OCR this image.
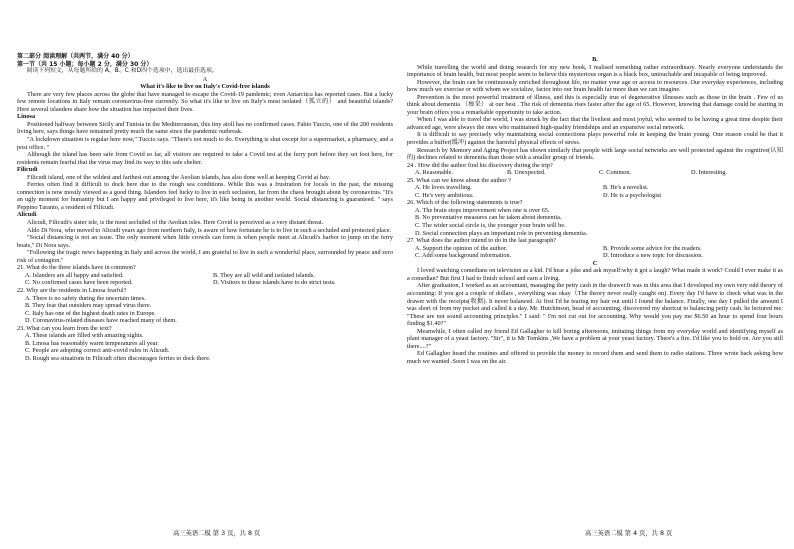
第二部分 阅读理解（共两节，满分 40 分）

第一节（共 15 小题；每小题 2 分，满分 30 分）

阅读下列短文，从每题所给的 A、B、C 和D四个选项中，选出最佳选项。

A

What it's like to live on Italy's Covid-free islands

There are very few places across the globe that have managed to escape the Covid-19 pandemic; even Antarctica has reported cases. But a lucky few remote locations in Italy remain coronavirus-free currently. So what it's like to live on Italy's most isolated（孤立的） and beautiful islands? Here several islanders share how the situation has impacted their lives.

Linosa

Positioned halfway between Sicily and Tunisia in the Mediterranean, this tiny atoll has no confirmed cases. Fabio Tuccio, one of the 200 residents living here, says things have remained pretty much the same since the pandemic outbreak.

"A lockdown situation is regular here now," Tuccio says. "There's not much to do. Everything is shut except for a supermarket, a pharmacy, and a post office. "

Although the island has been safe from Covid so far, all visitors are required to take a Covid test at the ferry port before they set foot here, for residents remain fearful that the virus may find its way to this safe shelter.

Filicudi

Filicudi island, one of the wildest and farthest out among the Aeolian islands, has also done well at keeping Covid at bay.

Ferries often find it difficult to dock here due to the rough sea conditions. While this was a frustration for locals in the past, the missing connection is now mostly viewed as a good thing. Islanders feel lucky to live in such seclusion, far from the chaos brought about by coronavirus. "It's an ugly moment for humanity but I am happy and privileged to live here, it's like being in another world. Social distancing is guaranteed. " says Peppino Taranto, a resident of Filicudi.

Alicudi

Alicudi, Filicudi's sister isle, is the most secluded of the Aeolian isles. Here Covid is perceived as a very distant threat.

Aldo Di Nora, who moved to Alicudi years ago from northern Italy, is aware of how fortunate he is to live in such a secluded and protected place.

"Social distancing is not an issue. The only moment when little crowds can form is when people meet at Alicudi's harbor to jump on the ferry boats," Di Nora says.

"Following the tragic news happening in Italy and across the world, I am grateful to live in such a wonderful place, surrounded by peace and zero risk of contagion."

21. What do the three islands have in common?

A. Islanders are all happy and satisfied.	B. They are all wild and isolated islands.
C. No confirmed cases have been reported.	D. Visitors to these islands have to do strict tests.

22. Why are the residents in Linosa fearful?

A. There is no safety during the uncertain times.

B. They fear that outsiders may spread virus there.

C. Italy has one of the highest death rates in Europe.

D. Coronavirus-related diseases have reached many of them.

23. What can you learn from the text?

A. These islands are filled with amazing sights.

B. Linosa has reasonably warm temperatures all year.

C. People are adopting correct anti-covid rules in Alicudi.

D. Rough sea situations in Filicudi often discourages ferries to dock there.

B.

While travelling the world and doing research for my new book, I realised something rather extraordinary. Nearly everyone understands the importance of brain health, but most people seem to believe this mysterious organ is a black box, untouchable and incapable of being improved.

However, the brain can be continuously enriched throughout life, no matter your age or access to resources. Our everyday experiences, including how much we exercise or with whom we socialize, factor into our brain health far more than we can imagine.

Prevention is the most powerful treatment of illness, and this is especially true of degenerative illnesses such as those in the brain . Few of us think about dementia （痴呆） at our best . The risk of dementia rises faster after the age of 65. However, knowing that damage could be starting in your brain offers you a remarkable opportunity to take action.

When I was able to travel the world, I was struck by the fact that the liveliest and most joyful, who seemed to be having a great time despite their advanced age, were always the ones who maintained high-quality friendships and an expansive social network.

It is difficult to say precisely why maintaining social connections plays powerful role in keeping the brain young. One reason could be that it provides a buffer(缓冲) against the harmful physical effects of stress.

Research by Memory and Aging Project has shown similarly that people with large social networks are well protected against the cognitive(认知的) declines related to dementia than those with a smaller group of friends.

24 . How did the author find his discovery during the trip?

A. Reasonable.	B. Unexpected.	C. Common.	D. Interesting.

25. What can we know about the author ?

A. He loves travelling.	B. He's a novelist.
C. He's very ambitious.	D. He is a psychologist

26. Which of the following statements is true?

A. The brain stops improvement when one is over 65.

B. No preventative measures can be taken about dementia.

C. The wider social circle is, the younger your brain will be.

D. Social connection plays an important role in preventing dementia.

27. What does the author intend to do in the last paragraph?

A. Support the opinion of the author.	B. Provide some advice for the readers.
C. Add some background information.	D. Introduce a new topic for discussion.

C

I loved watching comedians on television as a kid. I'd hear a joke and ask myself:why it got a laugh? What made it work? Could I ever make it as a comedian? But first I had to finish school and earn a living.

After graduation, I worked as an accountant, managing the petty cash in the drawer.It was in this area that I developed my own very odd theory of accounting: If you got a couple of dollars , everything was okay（The theory never really caught on). Every day I'd have to check what was in the drawer with the receipts(收据). It never balanced. At first I'd be tearing my hair out until I found the balance. Finally, one day I pulled the amount I was short of from my pocket and called it a day. Mr. Hutchinson, head of accounting, discovered my shortcut to balancing petty cash. he lectured me: "These are not sound accounting principles." I said: " I'm not cut out for accounting. Why would you pay me $6.50 an hour to spend four hours finding $1.40?"

Meanwhile, I often called my friend Ed Gallagher to kill boring afternoons, imitating things from my everyday world and identifying myself as plant manager of a yeast factory. "Sir", it is Mr Tomkins ,We have a problem at your yeast factory. There's a fire. I'd like you to hold on. Are you still there....?"

Ed Gallagher heard the routines and offered to provide the money to record them and send them to radio stations. Three wrote back asking how much we wanted .Soon I was on the air.

高三英语二模 第 3 页，共 8 页	高三英语二模 第 4 页，共 8 页
